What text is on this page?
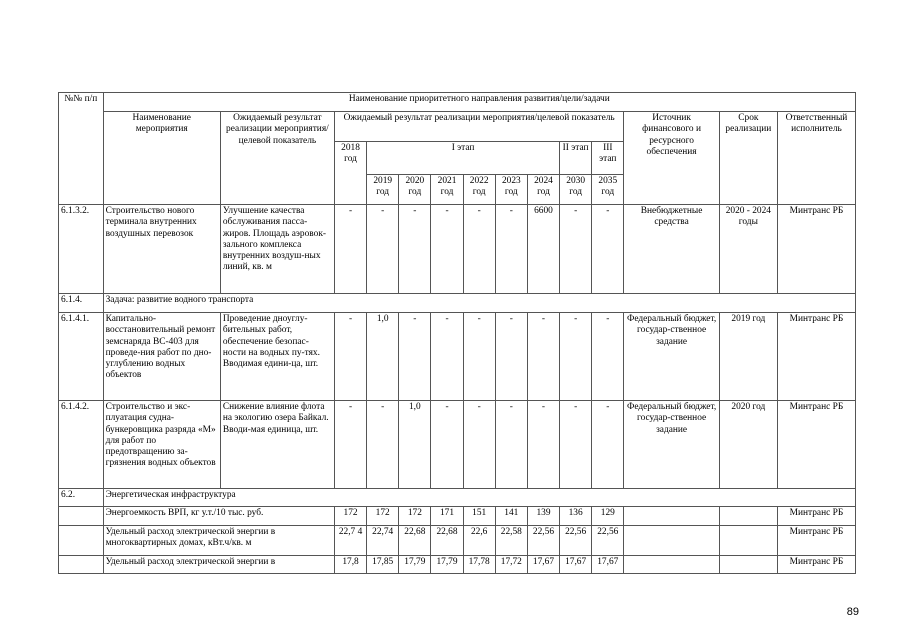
№№ п/п	Наименование приоритетного направления развития/цели/задачи													
	Наименование мероприятия	Ожидаемый результат реализации мероприятия/целевой показатель	Ожидаемый результат реализации мероприятия/целевой показатель									Источник финансового и ресурсного обеспечения	Срок реализации	Ответственный исполнитель
			2018 год	I этап						II этап	III этап			
				2019 год	2020 год	2021 год	2022 год	2023 год	2024 год	2030 год	2035 год			
6.1.3.2.	Строительство нового терминала внутренних воздушных перевозок	Улучшение качества обслуживания пасса-жиров. Площадь аэровок-зального комплекса внутренних воздуш-ных линий, кв. м	-	-	-	-	-	-	6600	-	-	Внебюджетные средства	2020 - 2024 годы	Минтранс РБ
6.1.4.	Задача: развитие водного транспорта													
6.1.4.1.	Капитально-восстановительный ремонт земснаряда ВС-403 для проведе-ния работ по дно-углублению водных объектов	Проведение дноуглу-бительных работ, обеспечение безопас-ности на водных пу-тях. Вводимая едини-ца, шт.	-	1,0	-	-	-	-	-	-	-	Федеральный бюджет, государ-ственное задание	2019 год	Минтранс РБ
6.1.4.2.	Строительство и экс-плуатация судна-бункеровщика разряда «М» для работ по предотвращению за-грязнения водных объектов	Снижение влияние флота на экологию озера Байкал. Вводи-мая единица, шт.	-	-	1,0	-	-	-	-	-	-	Федеральный бюджет, государ-ственное задание	2020 год	Минтранс РБ
6.2.	Энергетическая инфраструктура													
	Энергоемкость ВРП, кг у.т./10 тыс. руб.		172	172	172	171	151	141	139	136	129			Минтранс РБ
	Удельный расход электрической энергии в многоквартирных домах, кВт.ч/кв. м		22,7 4	22,74	22,68	22,68	22,6	22,58	22,56	22,56	22,56			Минтранс РБ
	Удельный расход электрической энергии в		17,8	17,85	17,79	17,79	17,78	17,72	17,67	17,67	17,67			Минтранс РБ
89
